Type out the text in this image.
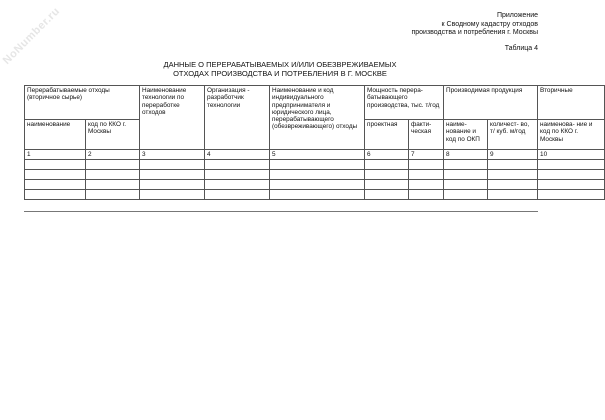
NoNumber.ru	Приложение
к Сводному кадастру отходов
производства и потребления г. Москвы
Таблица 4
ДАННЫЕ О ПЕРЕРАБАТЫВАЕМЫХ И/ИЛИ ОБЕЗВРЕЖИВАЕМЫХ
ОТХОДАХ ПРОИЗВОДСТВА И ПОТРЕБЛЕНИЯ В Г. МОСКВЕ
Перерабатываемые отходы (вторичное сырье)		Наименование технологии по переработке отходов	Организация - разработчик технологии	Наименование и код индивидуального предпринимателя и юридического лица, перерабатывающего (обезвреживающего) отходы	Мощность перера- батывающего производства, тыс. т/год		Производимая продукция		Вторичные
наименование	код по ККО г. Москвы				проектная	факти- ческая	наиме- нование и код по ОКП	количест- во, т/ куб. м/год	наименова- ние и код по ККО г. Москвы
1	2	3	4	5	6	7	8	9	10
